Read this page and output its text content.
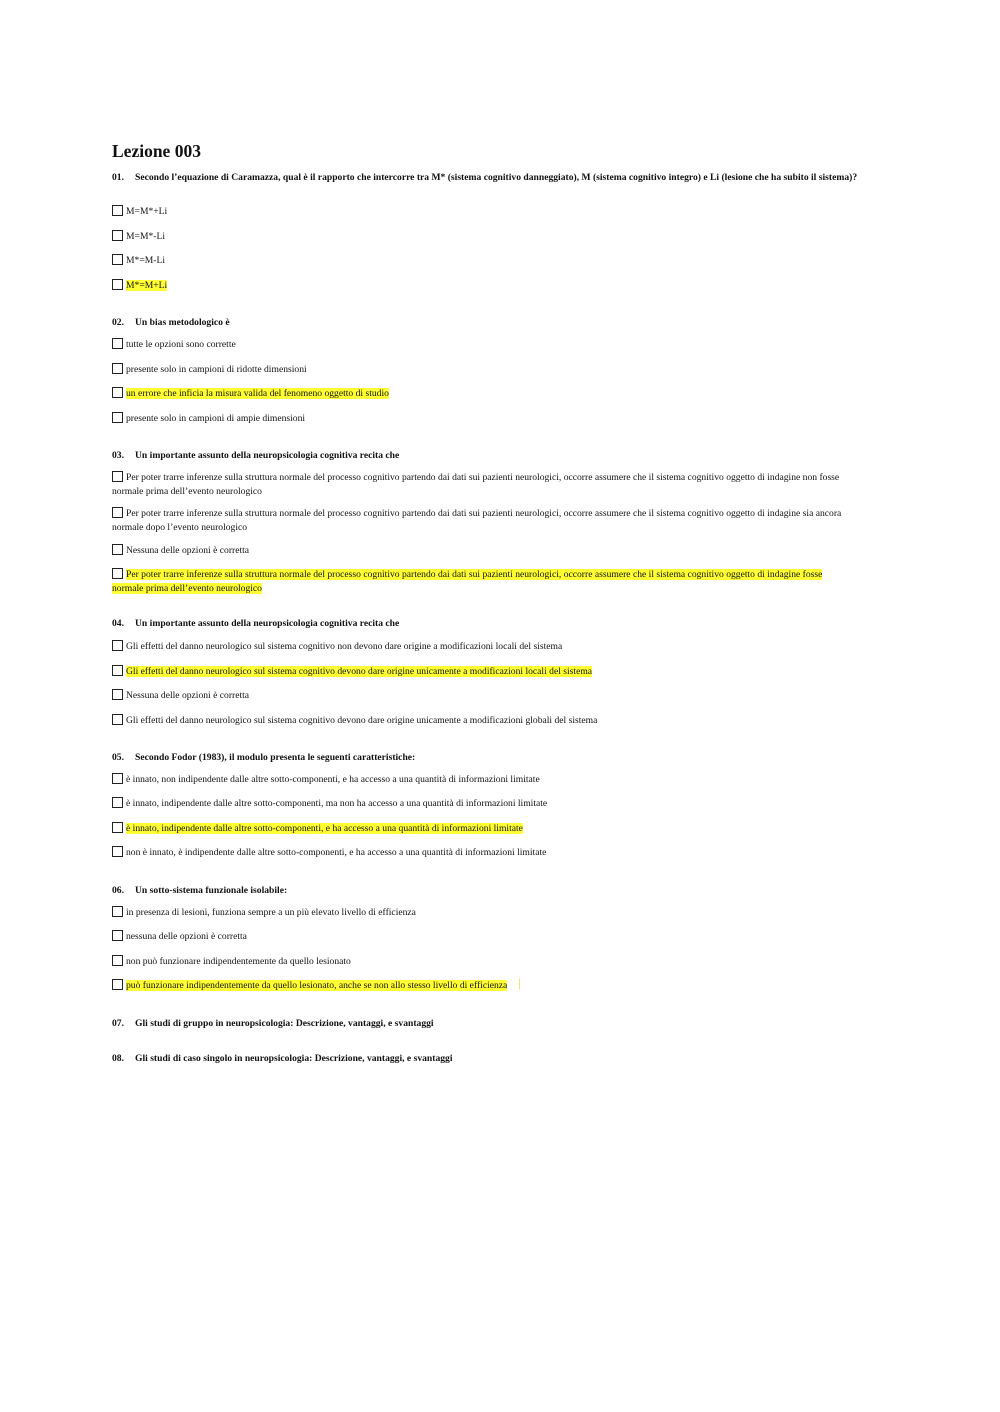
Lezione 003
01. Secondo l’equazione di Caramazza, qual è il rapporto che intercorre tra M* (sistema cognitivo danneggiato), M (sistema cognitivo integro) e Li (lesione che ha subito il sistema)?
M=M*+Li
M=M*-Li
M*=M-Li
M*=M+Li
02. Un bias metodologico è
tutte le opzioni sono corrette
presente solo in campioni di ridotte dimensioni
un errore che inficia la misura valida del fenomeno oggetto di studio
presente solo in campioni di ampie dimensioni
03. Un importante assunto della neuropsicologia cognitiva recita che
Per poter trarre inferenze sulla struttura normale del processo cognitivo partendo dai dati sui pazienti neurologici, occorre assumere che il sistema cognitivo oggetto di indagine non fosse normale prima dell’evento neurologico
Per poter trarre inferenze sulla struttura normale del processo cognitivo partendo dai dati sui pazienti neurologici, occorre assumere che il sistema cognitivo oggetto di indagine sia ancora normale dopo l’evento neurologico
Nessuna delle opzioni è corretta
Per poter trarre inferenze sulla struttura normale del processo cognitivo partendo dai dati sui pazienti neurologici, occorre assumere che il sistema cognitivo oggetto di indagine fosse normale prima dell’evento neurologico
04. Un importante assunto della neuropsicologia cognitiva recita che
Gli effetti del danno neurologico sul sistema cognitivo non devono dare origine a modificazioni locali del sistema
Gli effetti del danno neurologico sul sistema cognitivo devono dare origine unicamente a modificazioni locali del sistema
Nessuna delle opzioni è corretta
Gli effetti del danno neurologico sul sistema cognitivo devono dare origine unicamente a modificazioni globali del sistema
05. Secondo Fodor (1983), il modulo presenta le seguenti caratteristiche:
è innato, non indipendente dalle altre sotto-componenti, e ha accesso a una quantità di informazioni limitate
è innato, indipendente dalle altre sotto-componenti, ma non ha accesso a una quantità di informazioni limitate
è innato, indipendente dalle altre sotto-componenti, e ha accesso a una quantità di informazioni limitate
non è innato, è indipendente dalle altre sotto-componenti, e ha accesso a una quantità di informazioni limitate
06. Un sotto-sistema funzionale isolabile:
in presenza di lesioni, funziona sempre a un più elevato livello di efficienza
nessuna delle opzioni è corretta
non può funzionare indipendentemente da quello lesionato
può funzionare indipendentemente da quello lesionato, anche se non allo stesso livello di efficienza
07. Gli studi di gruppo in neuropsicologia: Descrizione, vantaggi, e svantaggi
08. Gli studi di caso singolo in neuropsicologia: Descrizione, vantaggi, e svantaggi
